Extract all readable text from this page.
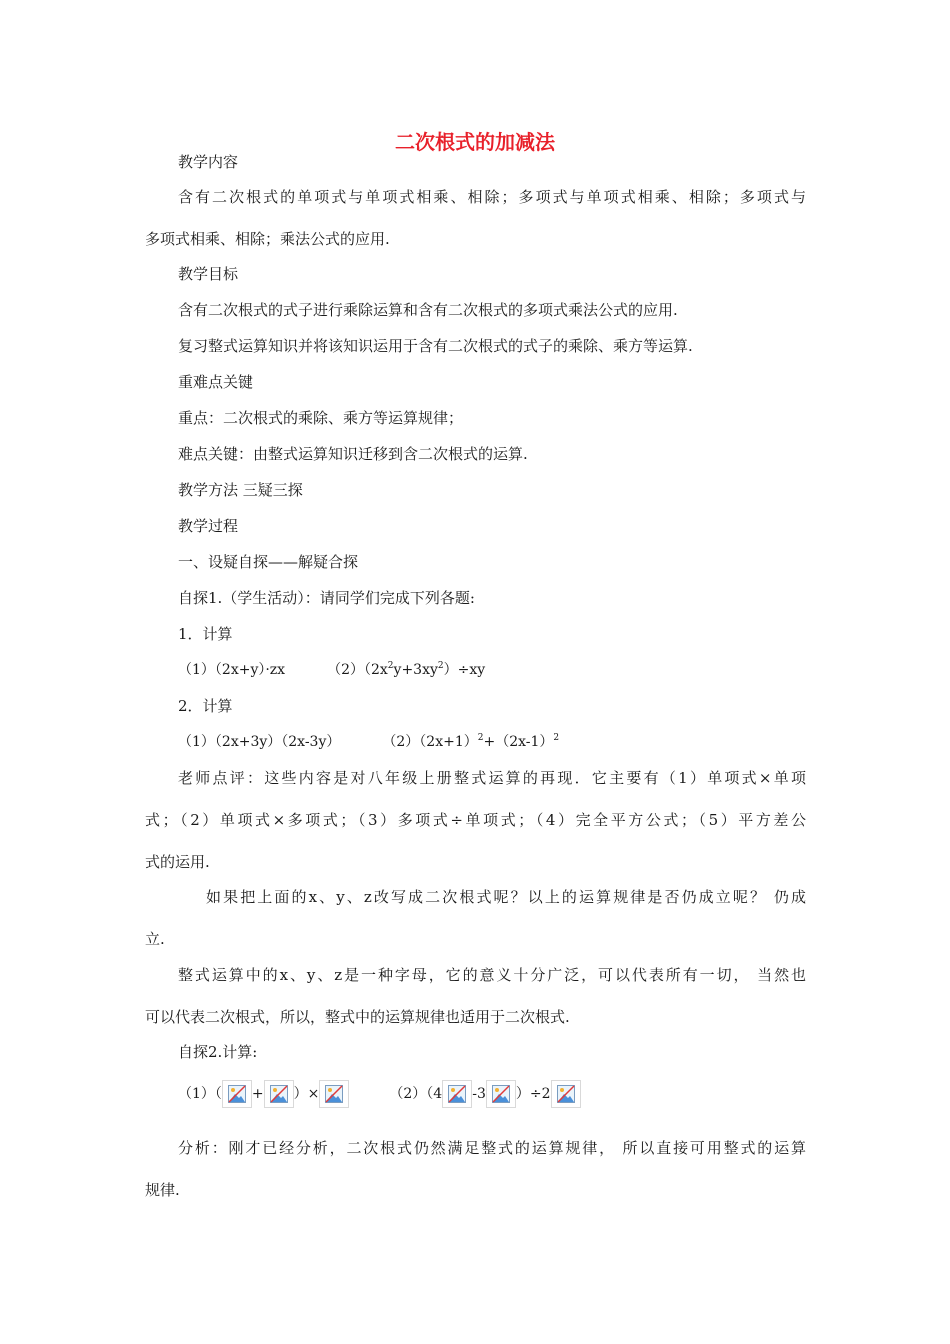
二次根式的加减法
教学内容
含有二次根式的单项式与单项式相乘、相除；多项式与单项式相乘、相除；多项式与
多项式相乘、相除；乘法公式的应用.
教学目标
含有二次根式的式子进行乘除运算和含有二次根式的多项式乘法公式的应用.
复习整式运算知识并将该知识运用于含有二次根式的式子的乘除、乘方等运算.
重难点关键
重点：二次根式的乘除、乘方等运算规律；
难点关键：由整式运算知识迁移到含二次根式的运算.
教学方法 三疑三探
教学过程
一、设疑自探——解疑合探
自探1.（学生活动）：请同学们完成下列各题:
1．计算
（1）（2x+y）·zx	$(2)(2x^2y+3xy^2)\div xy$
2．计算
（1）（2x+3y）（2x-3y）	$(2)(2x+1)^2+(2x-1)^2$
老师点评：这些内容是对八年级上册整式运算的再现．它主要有（1）单项式×单项
式；（2）单项式×多项式；（3）多项式÷单项式；（4）完全平方公式；（5）平方差公
式的运用.
如果把上面的x、y、z改写成二次根式呢？以上的运算规律是否仍成立呢？ 仍成
立.
整式运算中的x、y、z是一种字母，它的意义十分广泛，可以代表所有一切， 当然也
可以代表二次根式，所以，整式中的运算规律也适用于二次根式.
自探2.计算:
（1）（ + ）×	（2）（4 -3 ）÷2
分析：刚才已经分析，二次根式仍然满足整式的运算规律， 所以直接可用整式的运算
规律.
